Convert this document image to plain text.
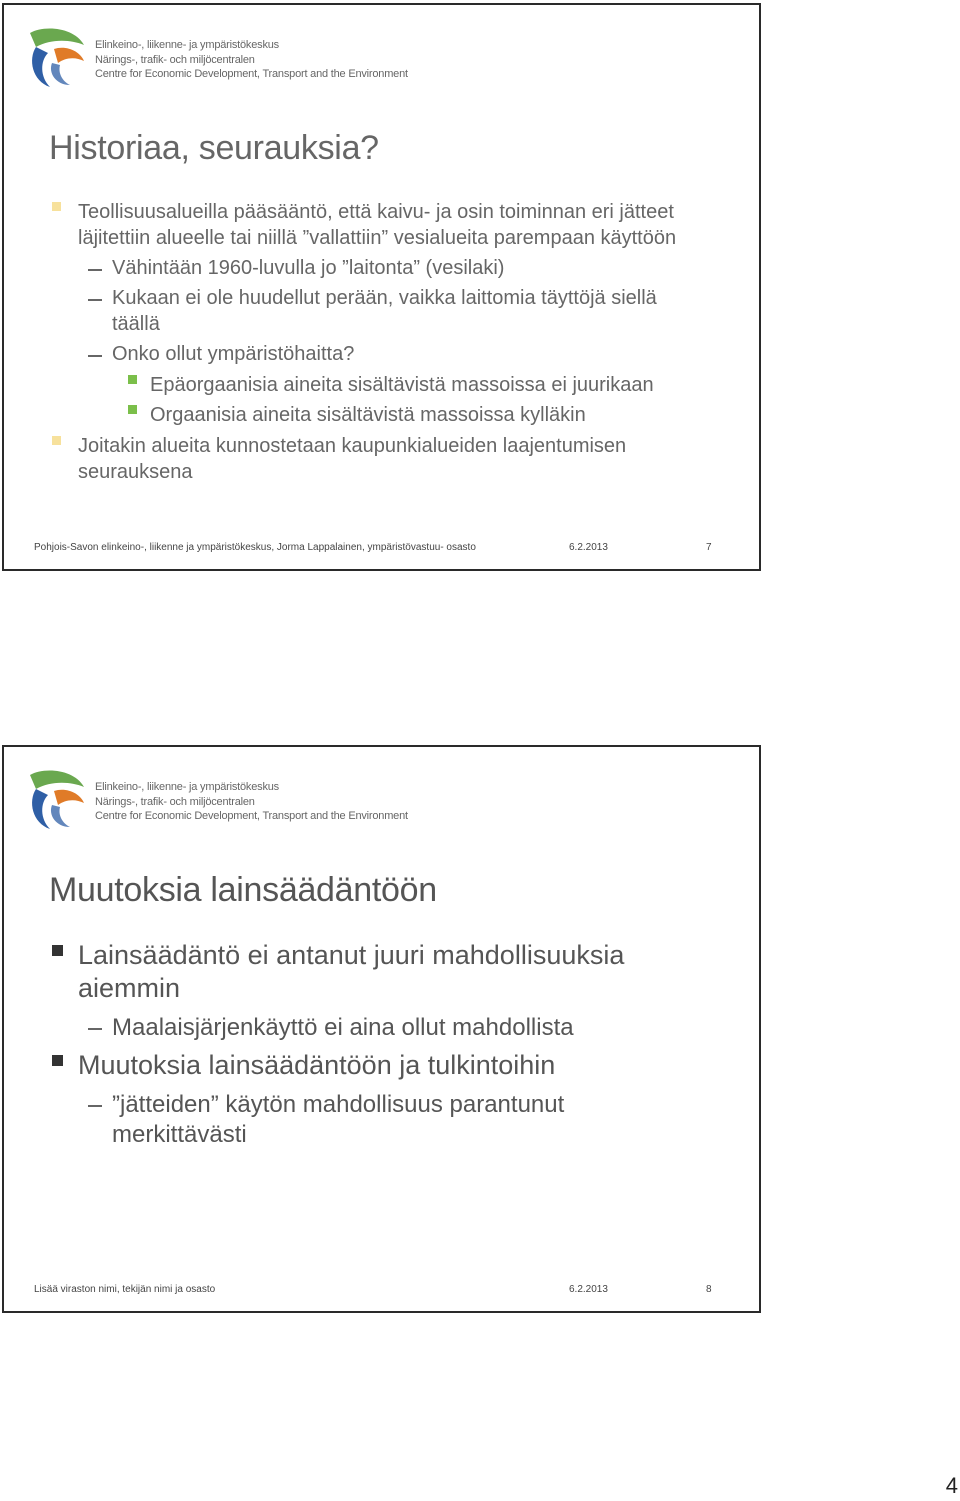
Elinkeino-, liikenne- ja ympäristökeskus
Närings-, trafik- och miljöcentralen
Centre for Economic Development, Transport and the Environment
Historiaa, seurauksia?
Teollisuusalueilla pääsääntö, että kaivu- ja osin toiminnan eri jätteet
läjitettiin alueelle tai niillä ”vallattiin” vesialueita parempaan käyttöön
Vähintään 1960-luvulla jo ”laitonta” (vesilaki)
Kukaan ei ole huudellut perään, vaikka laittomia täyttöjä siellä
täällä
Onko ollut ympäristöhaitta?
Epäorgaanisia aineita sisältävistä massoissa ei juurikaan
Orgaanisia aineita sisältävistä massoissa kylläkin
Joitakin alueita kunnostetaan kaupunkialueiden laajentumisen
seurauksena
Pohjois-Savon elinkeino-, liikenne ja ympäristökeskus, Jorma Lappalainen, ympäristövastuu- osasto	6.2.2013	7
Elinkeino-, liikenne- ja ympäristökeskus
Närings-, trafik- och miljöcentralen
Centre for Economic Development, Transport and the Environment
Muutoksia lainsäädäntöön
Lainsäädäntö ei antanut juuri mahdollisuuksia
aiemmin
Maalaisjärjenkäyttö ei aina ollut mahdollista
Muutoksia lainsäädäntöön ja tulkintoihin
”jätteiden” käytön mahdollisuus parantunut
merkittävästi
Lisää viraston nimi, tekijän nimi ja osasto	6.2.2013	8
4
